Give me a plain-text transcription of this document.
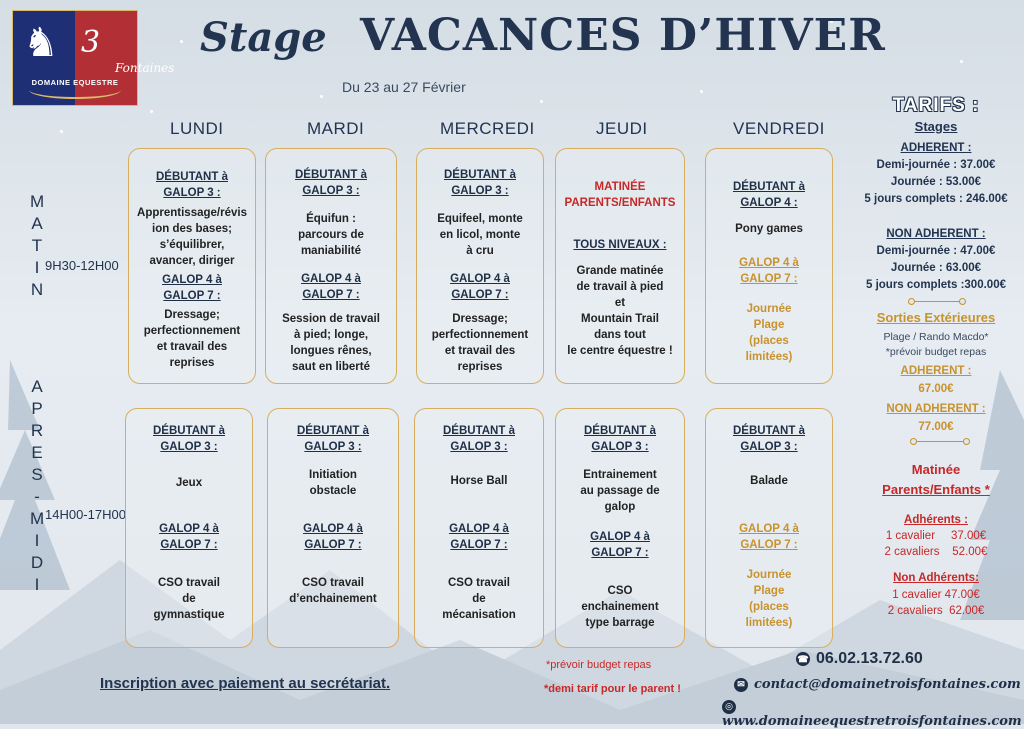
♞ 3
Fontaines
DOMAINE EQUESTRE
Stage VACANCES D’HIVER
Du 23 au 27 Février
LUNDI	MARDI	MERCREDI	JEUDI	VENDREDI
M
A
T
I
N
9H30-12H00
A
P
R
E
S
-
M
I
D
I
14H00-17H00

DÉBUTANT à

GALOP 3 :

Apprentissage/révis

ion des bases;

s’équilibrer,

avancer, diriger

GALOP 4 à

GALOP 7 :

Dressage;

perfectionnement

et travail des

reprises

DÉBUTANT à

GALOP 3 :

Équifun :

parcours de

maniabilité

GALOP 4 à

GALOP 7 :

Session de travail

à pied; longe,

longues rênes,

saut en liberté

DÉBUTANT à

GALOP 3 :

Equifeel, monte

en licol, monte

à cru

GALOP 4 à

GALOP 7 :

Dressage;

perfectionnement

et travail des

reprises

MATINÉE

PARENTS/ENFANTS

TOUS NIVEAUX :

Grande matinée

de travail à pied

et

Mountain Trail

dans tout

le centre équestre !

DÉBUTANT à

GALOP 4 :

Pony games

GALOP 4 à

GALOP 7 :

Journée

Plage

(places

limitées)

DÉBUTANT à

GALOP 3 :

Jeux

GALOP 4 à

GALOP 7 :

CSO travail

de

gymnastique

DÉBUTANT à

GALOP 3 :

Initiation

obstacle

GALOP 4 à

GALOP 7 :

CSO travail

d’enchainement

DÉBUTANT à

GALOP 3 :

Horse Ball

GALOP 4 à

GALOP 7 :

CSO travail

de

mécanisation

DÉBUTANT à

GALOP 3 :

Entrainement

au passage de

galop

GALOP 4 à

GALOP 7 :

CSO

enchainement

type barrage

DÉBUTANT à

GALOP 3 :

Balade

GALOP 4 à

GALOP 7 :

Journée

Plage

(places

limitées)

TARIFS :
Stages
ADHERENT :
Demi-journée : 37.00€
Journée : 53.00€
5 jours complets : 246.00€
NON ADHERENT :
Demi-journée : 47.00€
Journée : 63.00€
5 jours complets :300.00€
Sorties Extérieures
Plage / Rando Macdo*
*prévoir budget repas
ADHERENT :
67.00€
NON ADHERENT :
77.00€
Matinée
Parents/Enfants *
Adhérents :
1 cavalier     37.00€
2 cavaliers    52.00€
Non Adhérents:
1 cavalier 47.00€
2 cavaliers  62.00€
*prévoir budget repas
*demi tarif pour le parent !
Inscription avec paiement au secrétariat.
☎ 06.02.13.72.60
✉ contact@domainetroisfontaines.com
◎www.domaineequestretroisfontaines.com
